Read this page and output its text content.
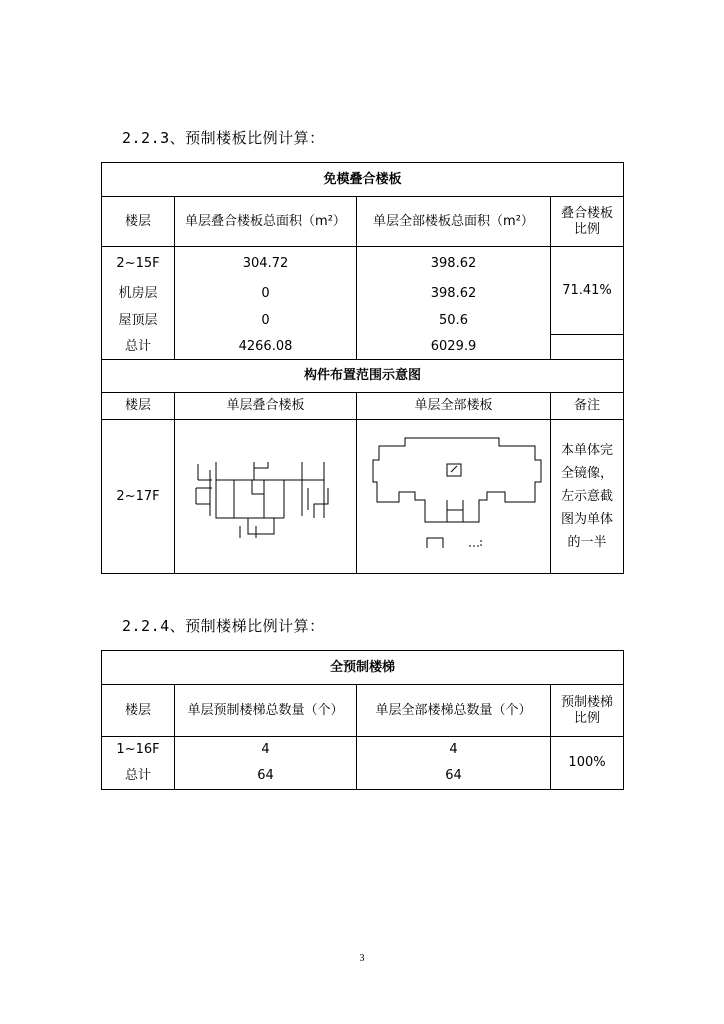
2.2.3、预制楼板比例计算：
免模叠合楼板			
楼层	单层叠合楼板总面积（m²）	单层全部楼板总面积（m²）	叠合楼板比例
2~15F	304.72	398.62	71.41%
机房层	0	398.62	
屋顶层	0	50.6	
总计	4266.08	6029.9	
构件布置范围示意图			
楼层	单层叠合楼板	单层全部楼板	备注
2~17F			本单体完全镜像，左示意截图为单体的一半
2.2.4、预制楼梯比例计算：
全预制楼梯			
楼层	单层预制楼梯总数量（个）	单层全部楼梯总数量（个）	预制楼梯比例
1~16F	4	4	100%
总计	64	64	
3
